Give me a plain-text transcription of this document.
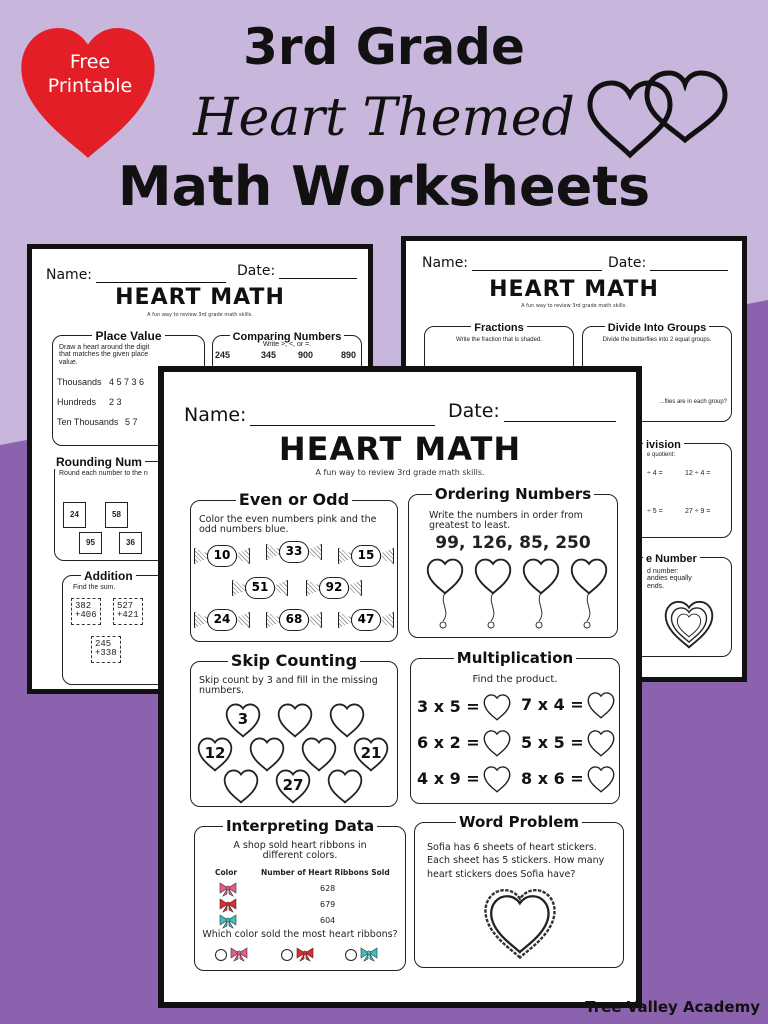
Free
Printable
3rd Grade
Heart Themed
Math Worksheets
Name:	Date:
HEART MATH
A fun way to review 3rd grade math skills.
Place Value
Draw a heart around the digit that matches the given place value.
Thousands 4 5 7 3 6
Hundreds 2 3
Ten Thousands 5 7
Comparing Numbers
Write >, <, or =.
245	345 900	890
Rounding Num
Round each number to the n
24	58
95	36
Addition
Find the sum.
382
+406
527
+421
245
+338
Name:	Date:
HEART MATH
A fun way to review 3rd grade math skills.
Fractions
Write the fraction that is shaded.
Divide Into Groups
Divide the butterflies into 2 equal groups.
...flies are in each group?
ivision
e quotient:
÷ 4 =	12 ÷ 4 =
÷ 5 =	27 ÷ 9 =
e Number
d number:
andies equally
ends.
Name:	Date:
HEART MATH
A fun way to review 3rd grade math skills.
Even or Odd
Color the even numbers pink and the odd numbers blue.
10	33	15
51	92
24	68	47
Ordering Numbers
Write the numbers in order from greatest to least.
99, 126, 85, 250
Skip Counting
Skip count by 3 and fill in the missing numbers.
3
12	21
27
Multiplication
Find the product.
3 x 5 =	7 x 4 =
6 x 2 =	5 x 5 =
4 x 9 =	8 x 6 =
Interpreting Data
A shop sold heart ribbons in different colors.
Color	Number of Heart Ribbons Sold
628
679
604
Which color sold the most heart ribbons?
Word Problem
Sofia has 6 sheets of heart stickers. Each sheet has 5 stickers. How many heart stickers does Sofia have?
Tree Valley Academy
